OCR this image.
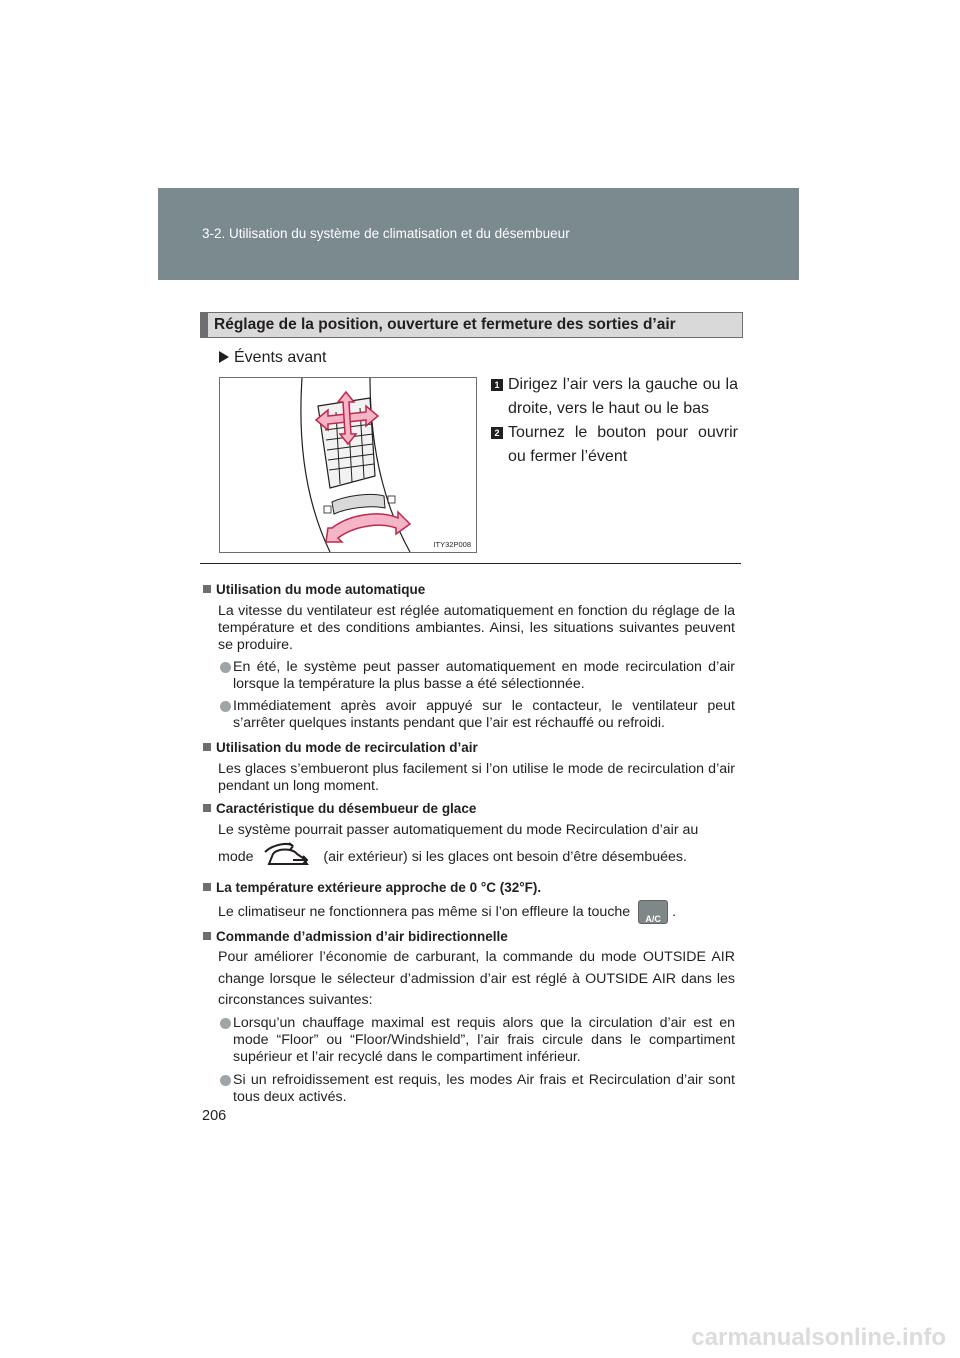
3-2. Utilisation du système de climatisation et du désembueur
Réglage de la position, ouverture et fermeture des sorties d’air
Évents avant
ITY32P008
1 Dirigez l’air vers la gauche ou la droite, vers le haut ou le bas
2 Tournez le bouton pour ouvrir ou fermer l’évent
Utilisation du mode automatique
La vitesse du ventilateur est réglée automatiquement en fonction du réglage de la température et des conditions ambiantes. Ainsi, les situations suivantes peuvent se produire.
En été, le système peut passer automatiquement en mode recirculation d’air lorsque la température la plus basse a été sélectionnée.
Immédiatement après avoir appuyé sur le contacteur, le ventilateur peut s’arrêter quelques instants pendant que l’air est réchauffé ou refroidi.
Utilisation du mode de recirculation d’air
Les glaces s’embueront plus facilement si l’on utilise le mode de recirculation d’air pendant un long moment.
Caractéristique du désembueur de glace
Le système pourrait passer automatiquement du mode Recirculation d’air au
mode	(air extérieur) si les glaces ont besoin d’être désembuées.
La température extérieure approche de 0 °C (32°F).
Le climatiseur ne fonctionnera pas même si l’on effleure la touche	A/C .
Commande d’admission d’air bidirectionnelle
Pour améliorer l’économie de carburant, la commande du mode OUTSIDE AIR change lorsque le sélecteur d’admission d’air est réglé à OUTSIDE AIR dans les circonstances suivantes:
Lorsqu’un chauffage maximal est requis alors que la circulation d’air est en mode “Floor” ou “Floor/Windshield”, l’air frais circule dans le compartiment supérieur et l’air recyclé dans le compartiment inférieur.
Si un refroidissement est requis, les modes Air frais et Recirculation d’air sont tous deux activés.
206
carmanualsonline.info
